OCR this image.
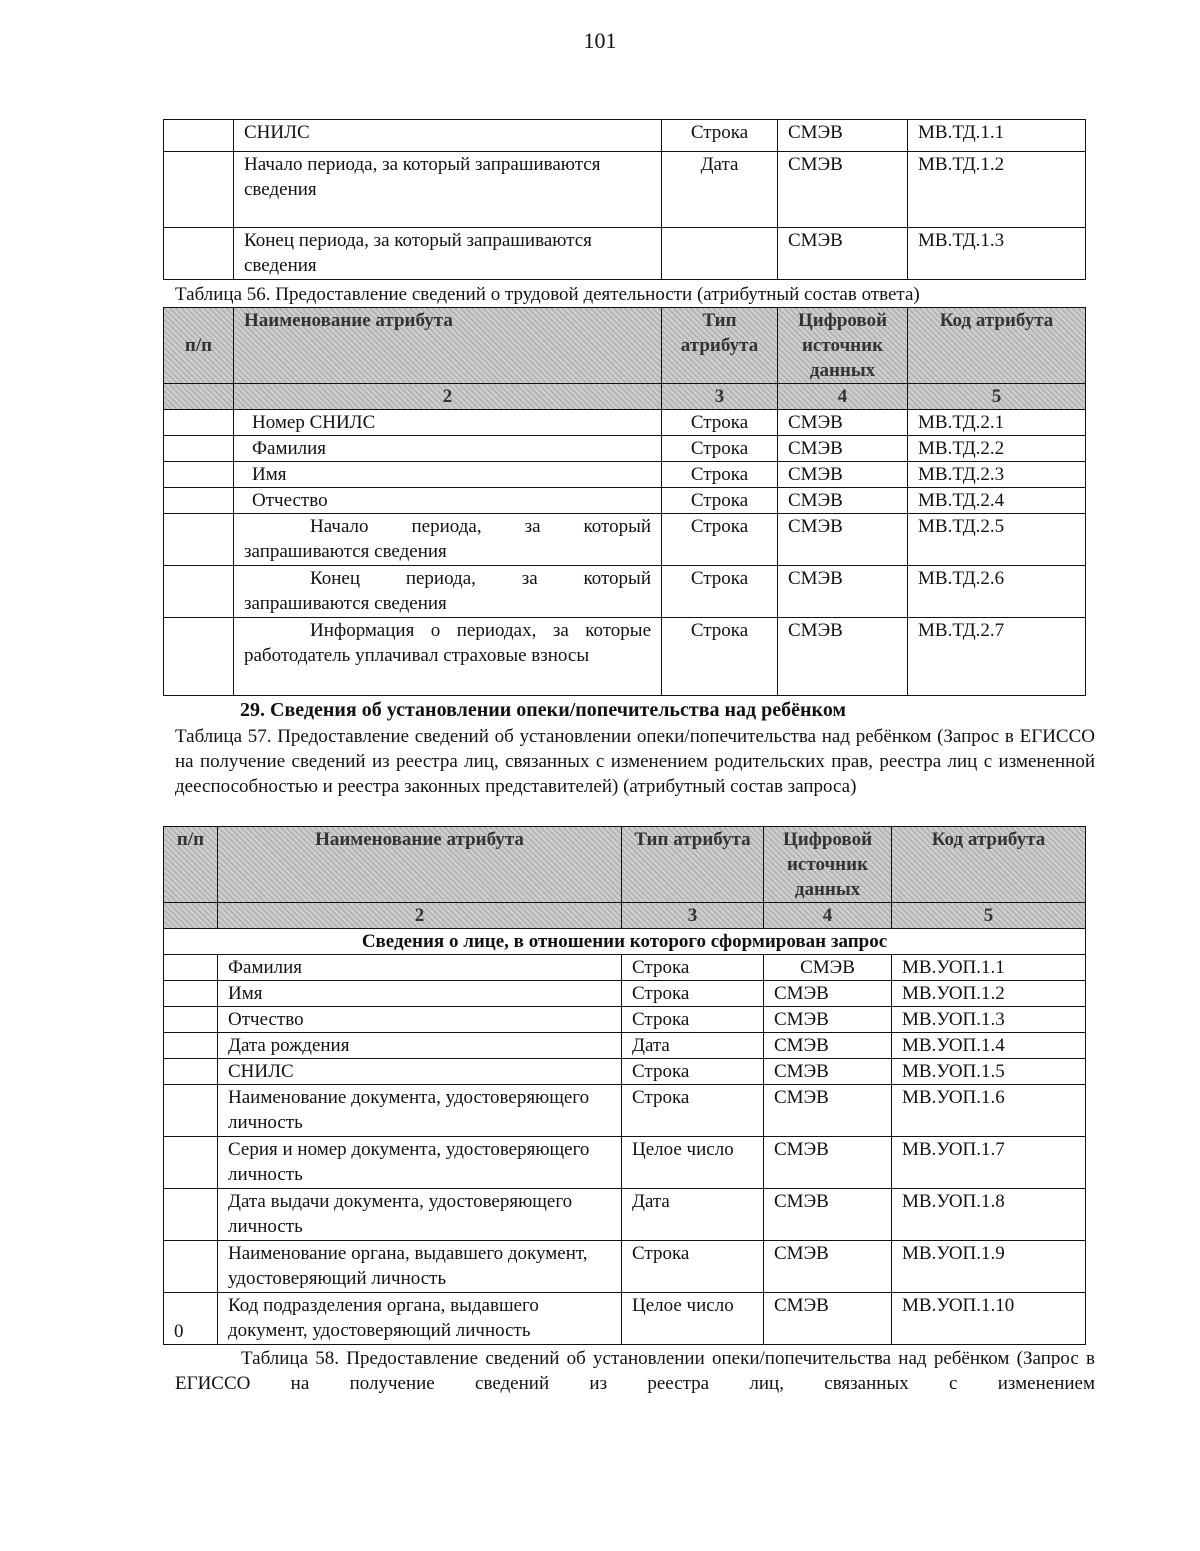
101
	СНИЛС	Строка	СМЭВ	МВ.ТД.1.1
	Начало периода, за который запрашиваются сведения	Дата	СМЭВ	МВ.ТД.1.2
	Конец периода, за который запрашиваются сведения		СМЭВ	МВ.ТД.1.3
Таблица 56. Предоставление сведений о трудовой деятельности (атрибутный состав ответа)
п/п	Наименование атрибута	Тип атрибута	Цифровой источник данных	Код атрибута
	2	3	4	5
	Номер СНИЛС	Строка	СМЭВ	МВ.ТД.2.1
	Фамилия	Строка	СМЭВ	МВ.ТД.2.2
	Имя	Строка	СМЭВ	МВ.ТД.2.3
	Отчество	Строка	СМЭВ	МВ.ТД.2.4
	Начало периода, за который запрашиваются сведения	Строка	СМЭВ	МВ.ТД.2.5
	Конец периода, за который запрашиваются сведения	Строка	СМЭВ	МВ.ТД.2.6
	Информация о периодах, за которые работодатель уплачивал страховые взносы	Строка	СМЭВ	МВ.ТД.2.7
29. Сведения об установлении опеки/попечительства над ребёнком
Таблица 57. Предоставление сведений об установлении опеки/попечительства над ребёнком (Запрос в ЕГИССО на получение сведений из реестра лиц, связанных с изменением родительских прав, реестра лиц с измененной дееспособностью и реестра законных представителей) (атрибутный состав запроса)
п/п	Наименование атрибута	Тип атрибута	Цифровой источник данных	Код атрибута
	2	3	4	5
Сведения о лице, в отношении которого сформирован запрос				
	Фамилия	Строка	СМЭВ	МВ.УОП.1.1
	Имя	Строка	СМЭВ	МВ.УОП.1.2
	Отчество	Строка	СМЭВ	МВ.УОП.1.3
	Дата рождения	Дата	СМЭВ	МВ.УОП.1.4
	СНИЛС	Строка	СМЭВ	МВ.УОП.1.5
	Наименование документа, удостоверяющего личность	Строка	СМЭВ	МВ.УОП.1.6
	Серия и номер документа, удостоверяющего личность	Целое число	СМЭВ	МВ.УОП.1.7
	Дата выдачи документа, удостоверяющего личность	Дата	СМЭВ	МВ.УОП.1.8
	Наименование органа, выдавшего документ, удостоверяющий личность	Строка	СМЭВ	МВ.УОП.1.9
0	Код подразделения органа, выдавшего документ, удостоверяющий личность	Целое число	СМЭВ	МВ.УОП.1.10
Таблица 58. Предоставление сведений об установлении опеки/попечительства над ребёнком (Запрос в ЕГИССО на получение сведений из реестра лиц, связанных с изменением
